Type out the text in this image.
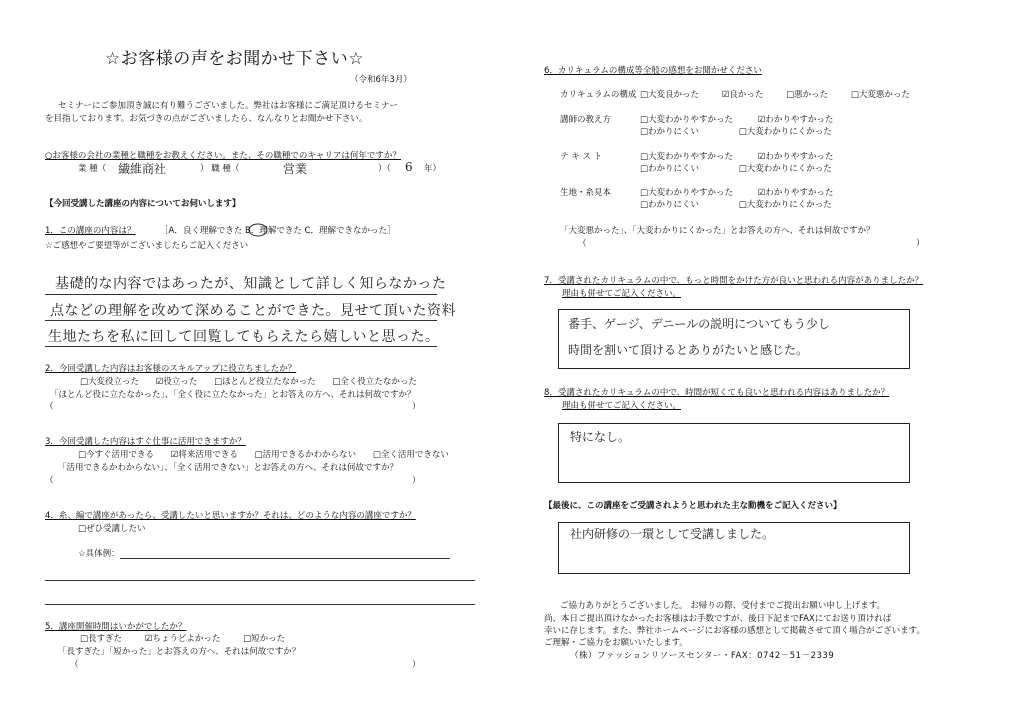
☆お客様の声をお聞かせ下さい☆
（令和6年3月）
セミナーにご参加頂き誠に有り難うございました。弊社はお客様にご満足頂けるセミナー
を目指しております。お気づきの点がございましたら、なんなりとお聞かせ下さい。
○お客様の会社の業種と職種をお教えください。また、その職種でのキャリアは何年ですか？
業 種（ 繊維商社	） 職 種（	営業	）（ 6 年）
【今回受講した講座の内容についてお伺いします】
1．この講座の内容は？	［A．良く理解できた B．理解できた C．理解できなかった］
☆ご感想やご要望等がございましたらご記入ください
基礎的な内容ではあったが、知識として詳しく知らなかった
点などの理解を改めて深めることができた。見せて頂いた资料
生地たちを私に回して回覧してもらえたら嬉しいと思った。
2．今回受講した内容はお客様のスキルアップに役立ちましたか？
□大変役立った ☑役立った □ほとんど役立たなかった □全く役立たなかった
「ほとんど役に立たなかった」、「全く役に立たなかった」とお答えの方へ、それは何故ですか？
（	）
3．今回受講した内容はすぐ仕事に活用できますか？
□今すぐ活用できる ☑将来活用できる □活用できるかわからない □全く活用できない
「活用できるかわからない」、「全く活用できない」とお答えの方へ、それは何故ですか？
（	）
4．糸、編で講座があったら、受講したいと思いますか？それは、どのような内容の講座ですか？
□ぜひ受講したい
☆具体例：
5．講座開催時間はいかがでしたか？
□長すぎた	☑ちょうどよかった	□短かった
「長すぎた」「短かった」とお答えの方へ、それは何故ですか？
（	）
6．カリキュラムの構成等全般の感想をお聞かせください
カリキュラムの構成 □大変良かった	☑良かった	□悪かった	□大変悪かった
講師の教え方	□大変わかりやすかった	☑わかりやすかった
□わかりにくい	□大変わかりにくかった
テ キ ス ト	□大変わかりやすかった	☑わかりやすかった
□わかりにくい	□大変わかりにくかった
生地・糸見本	□大変わかりやすかった	☑わかりやすかった
□わかりにくい	□大変わかりにくかった
「大変悪かった」、「大変わかりにくかった」とお答えの方へ、それは何故ですか？
（	）
7．受講されたカリキュラムの中で、もっと時間をかけた方が良いと思われる内容がありましたか？
理由も併せてご記入ください。
番手、ゲージ、デニールの説明についてもう少し
時間を割いて頂けるとありがたいと感じた。
8．受講されたカリキュラムの中で、時間が短くても良いと思われる内容はありましたか？
理由も併せてご記入ください。
特になし。
【最後に、この講座をご受講されようと思われた主な動機をご記入ください】
社内研修の一環として受講しました。
ご協力ありがとうございました。 お帰りの際、受付までご提出お願い申し上げます。
尚、本日ご提出頂けなかったお客様はお手数ですが、後日下記までFAXにてお送り頂ければ
幸いに存じます。また、弊社ホームページにお客様の感想として掲載させて頂く場合がございます。
ご理解・ご協力をお願いいたします。
（株）ファッションリソースセンター・FAX：0742－51－2339
